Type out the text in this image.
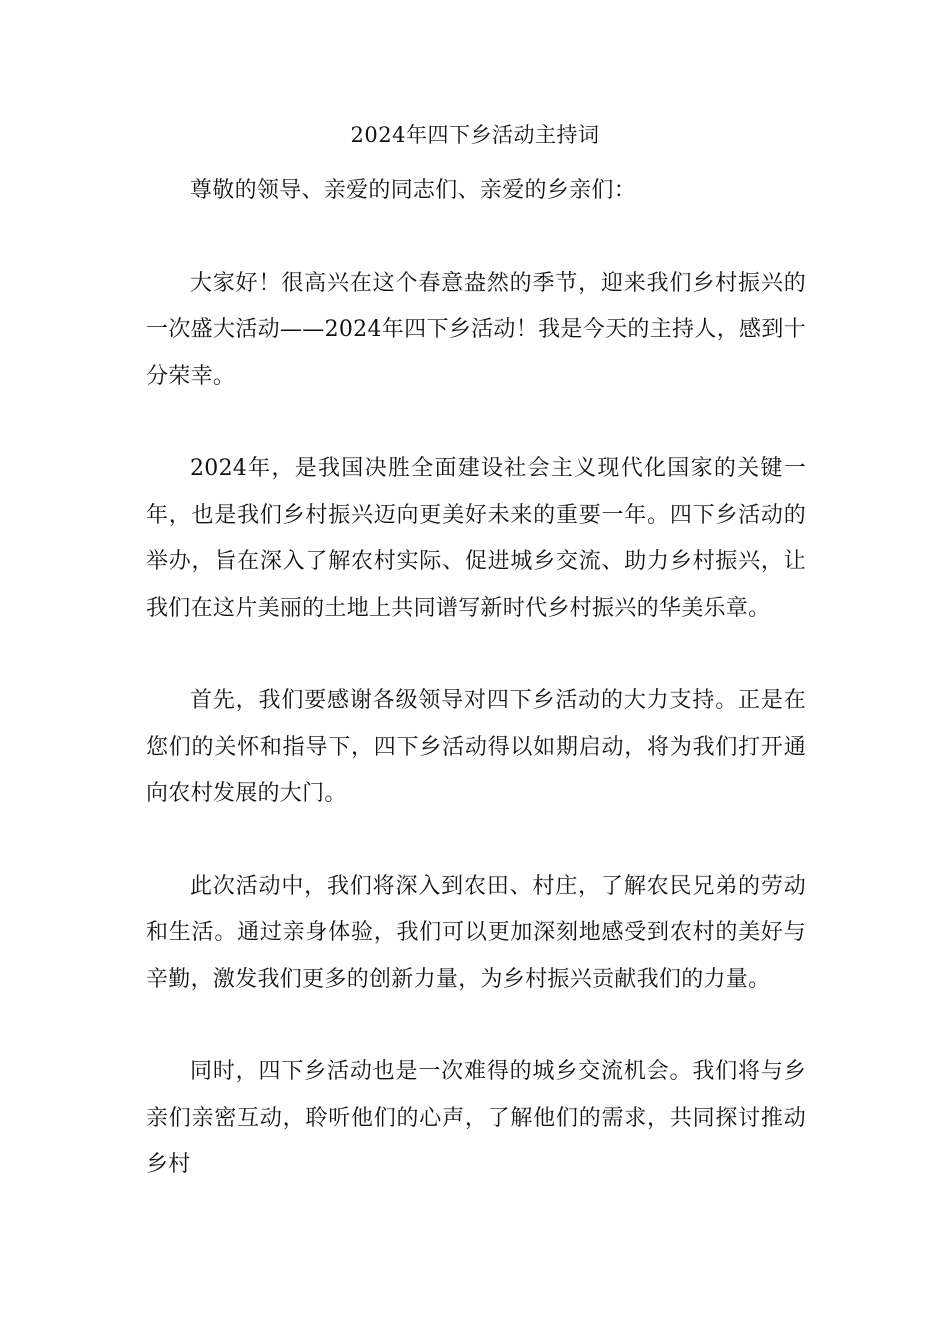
2024年四下乡活动主持词

尊敬的领导、亲爱的同志们、亲爱的乡亲们：

大家好！很高兴在这个春意盎然的季节，迎来我们乡村振兴的一次盛大活动——2024年四下乡活动！我是今天的主持人，感到十分荣幸。

2024年，是我国决胜全面建设社会主义现代化国家的关键一年，也是我们乡村振兴迈向更美好未来的重要一年。四下乡活动的举办，旨在深入了解农村实际、促进城乡交流、助力乡村振兴，让我们在这片美丽的土地上共同谱写新时代乡村振兴的华美乐章。

首先，我们要感谢各级领导对四下乡活动的大力支持。正是在您们的关怀和指导下，四下乡活动得以如期启动，将为我们打开通向农村发展的大门。

此次活动中，我们将深入到农田、村庄，了解农民兄弟的劳动和生活。通过亲身体验，我们可以更加深刻地感受到农村的美好与辛勤，激发我们更多的创新力量，为乡村振兴贡献我们的力量。

同时，四下乡活动也是一次难得的城乡交流机会。我们将与乡亲们亲密互动，聆听他们的心声，了解他们的需求，共同探讨推动乡村
